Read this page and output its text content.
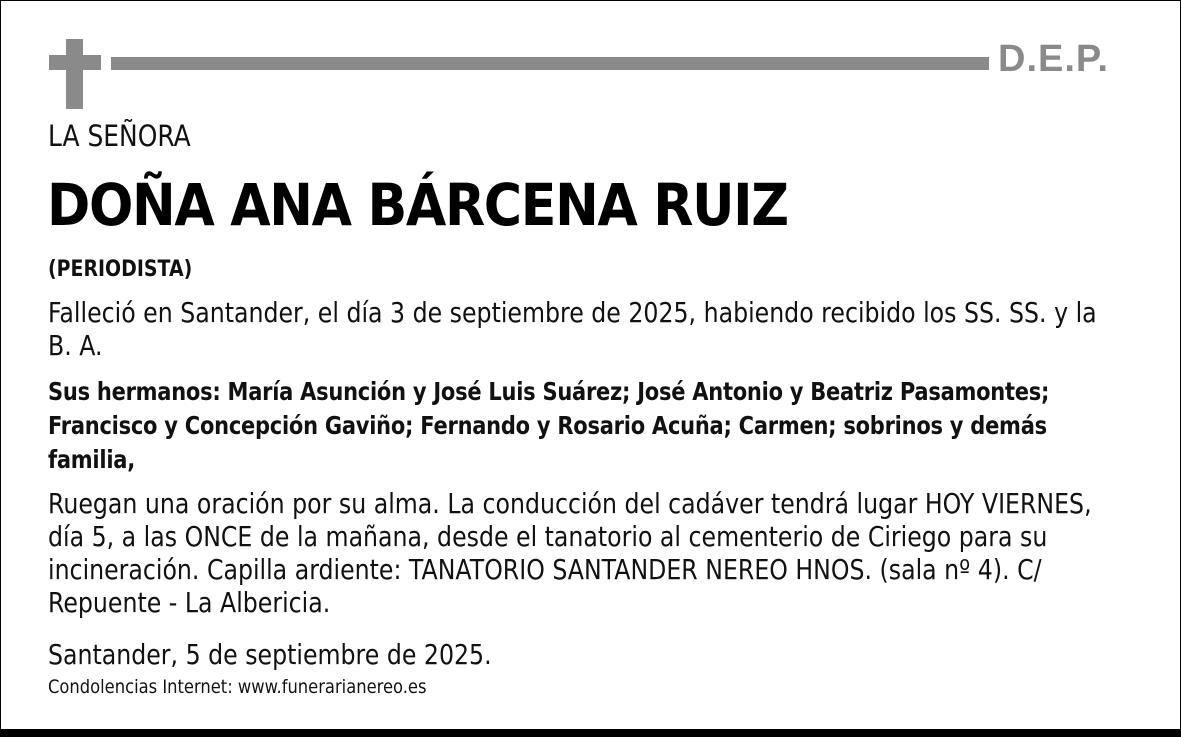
D.E.P.
LA SEÑORA
DOÑA ANA BÁRCENA RUIZ
(PERIODISTA)
Falleció en Santander, el día 3 de septiembre de 2025, habiendo recibido los SS. SS. y la B. A.
Sus hermanos: María Asunción y José Luis Suárez; José Antonio y Beatriz Pasamontes; Francisco y Concepción Gaviño; Fernando y Rosario Acuña; Carmen; sobrinos y demás familia,
Ruegan una oración por su alma. La conducción del cadáver tendrá lugar HOY VIERNES, día 5, a las ONCE de la mañana, desde el tanatorio al cementerio de Ciriego para su incineración. Capilla ardiente: TANATORIO SANTANDER NEREO HNOS. (sala nº 4). C/ Repuente - La Albericia.
Santander, 5 de septiembre de 2025.
Condolencias Internet: www.funerarianereo.es
